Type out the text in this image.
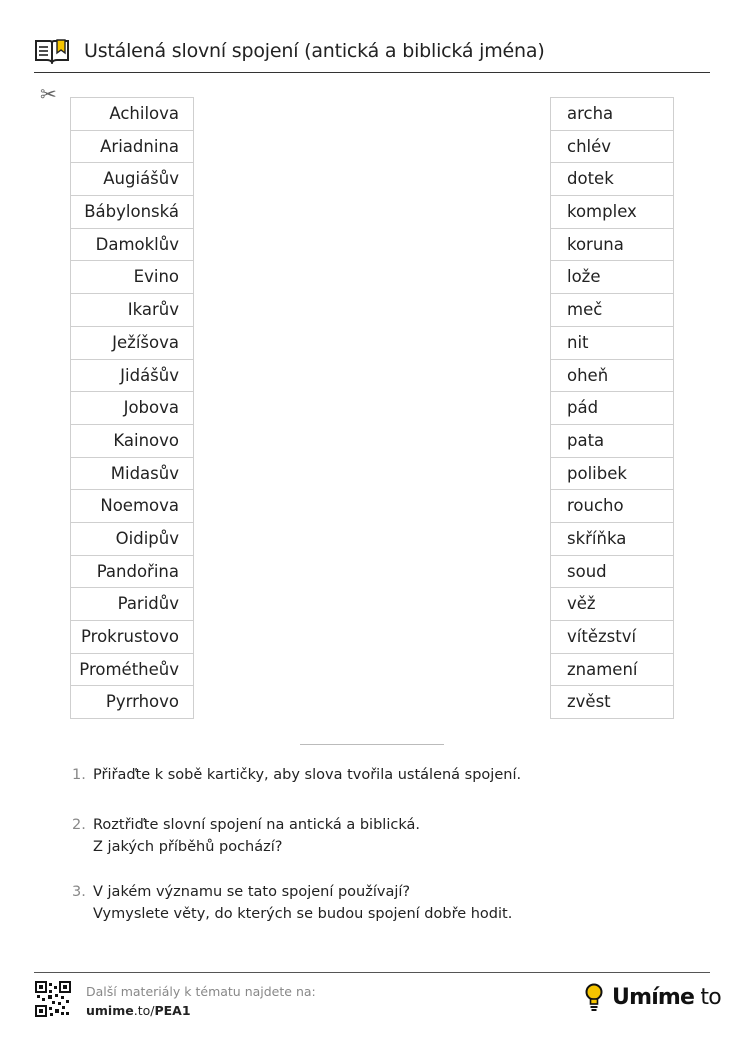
Ustálená slovní spojení (antická a biblická jména)
✂
Achilova
Ariadnina
Augiášův
Bábylonská
Damoklův
Evino
Ikarův
Ježíšova
Jidášův
Jobova
Kainovo
Midasův
Noemova
Oidipův
Pandořina
Paridův
Prokrustovo
Prométheův
Pyrrhovo
archa
chlév
dotek
komplex
koruna
lože
meč
nit
oheň
pád
pata
polibek
roucho
skříňka
soud
věž
vítězství
znamení
zvěst
1. Přiřaďte k sobě kartičky, aby slova tvořila ustálená spojení.
2. Roztřiďte slovní spojení na antická a biblická.
Z jakých příběhů pochází?
3. V jakém významu se tato spojení používají?
Vymyslete věty, do kterých se budou spojení dobře hodit.
Další materiály k tématu najdete na:
umime.to/PEA1
Umíme to
